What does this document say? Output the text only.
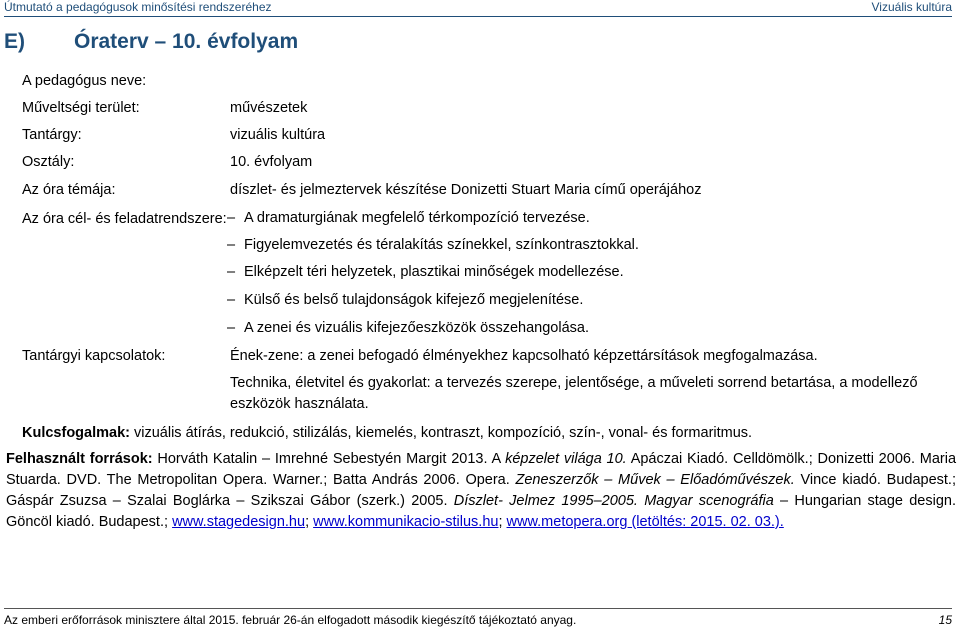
Útmutató a pedagógusok minősítési rendszeréhez	Vizuális kultúra
E) Óraterv – 10. évfolyam
A pedagógus neve:
Műveltségi terület:	művészetek
Tantárgy:	vizuális kultúra
Osztály:	10. évfolyam
Az óra témája:	díszlet- és jelmeztervek készítése Donizetti Stuart Maria című operájához
Az óra cél- és feladatrendszere: – A dramaturgiának megfelelő térkompozíció tervezése.
– Figyelemvezetés és téralakítás színekkel, színkontrasztokkal.
– Elképzelt téri helyzetek, plasztikai minőségek modellezése.
– Külső és belső tulajdonságok kifejező megjelenítése.
– A zenei és vizuális kifejezőeszközök összehangolása.
Tantárgyi kapcsolatok:	Ének-zene: a zenei befogadó élményekhez kapcsolható képzettársítások megfogalmazása.
Technika, életvitel és gyakorlat: a tervezés szerepe, jelentősége, a műveleti sorrend betartása, a modellező eszközök használata.
Kulcsfogalmak: vizuális átírás, redukció, stilizálás, kiemelés, kontraszt, kompozíció, szín-, vonal- és formaritmus.
Felhasznált források: Horváth Katalin – Imrehné Sebestyén Margit 2013. A képzelet világa 10. Apáczai Kiadó. Celldömölk.; Donizetti 2006. Maria Stuarda. DVD. The Metropolitan Opera. Warner.; Batta András 2006. Opera. Zeneszerzők – Művek – Előadóművészek. Vince kiadó. Budapest.; Gáspár Zsuzsa – Szalai Boglárka – Szikszai Gábor (szerk.) 2005. Díszlet- Jelmez 1995–2005. Magyar scenográfia – Hungarian stage design. Göncöl kiadó. Budapest.; www.stagedesign.hu; www.kommunikacio-stilus.hu; www.metopera.org (letöltés: 2015. 02. 03.).
Az emberi erőforrások minisztere által 2015. február 26-án elfogadott második kiegészítő tájékoztató anyag.	15
